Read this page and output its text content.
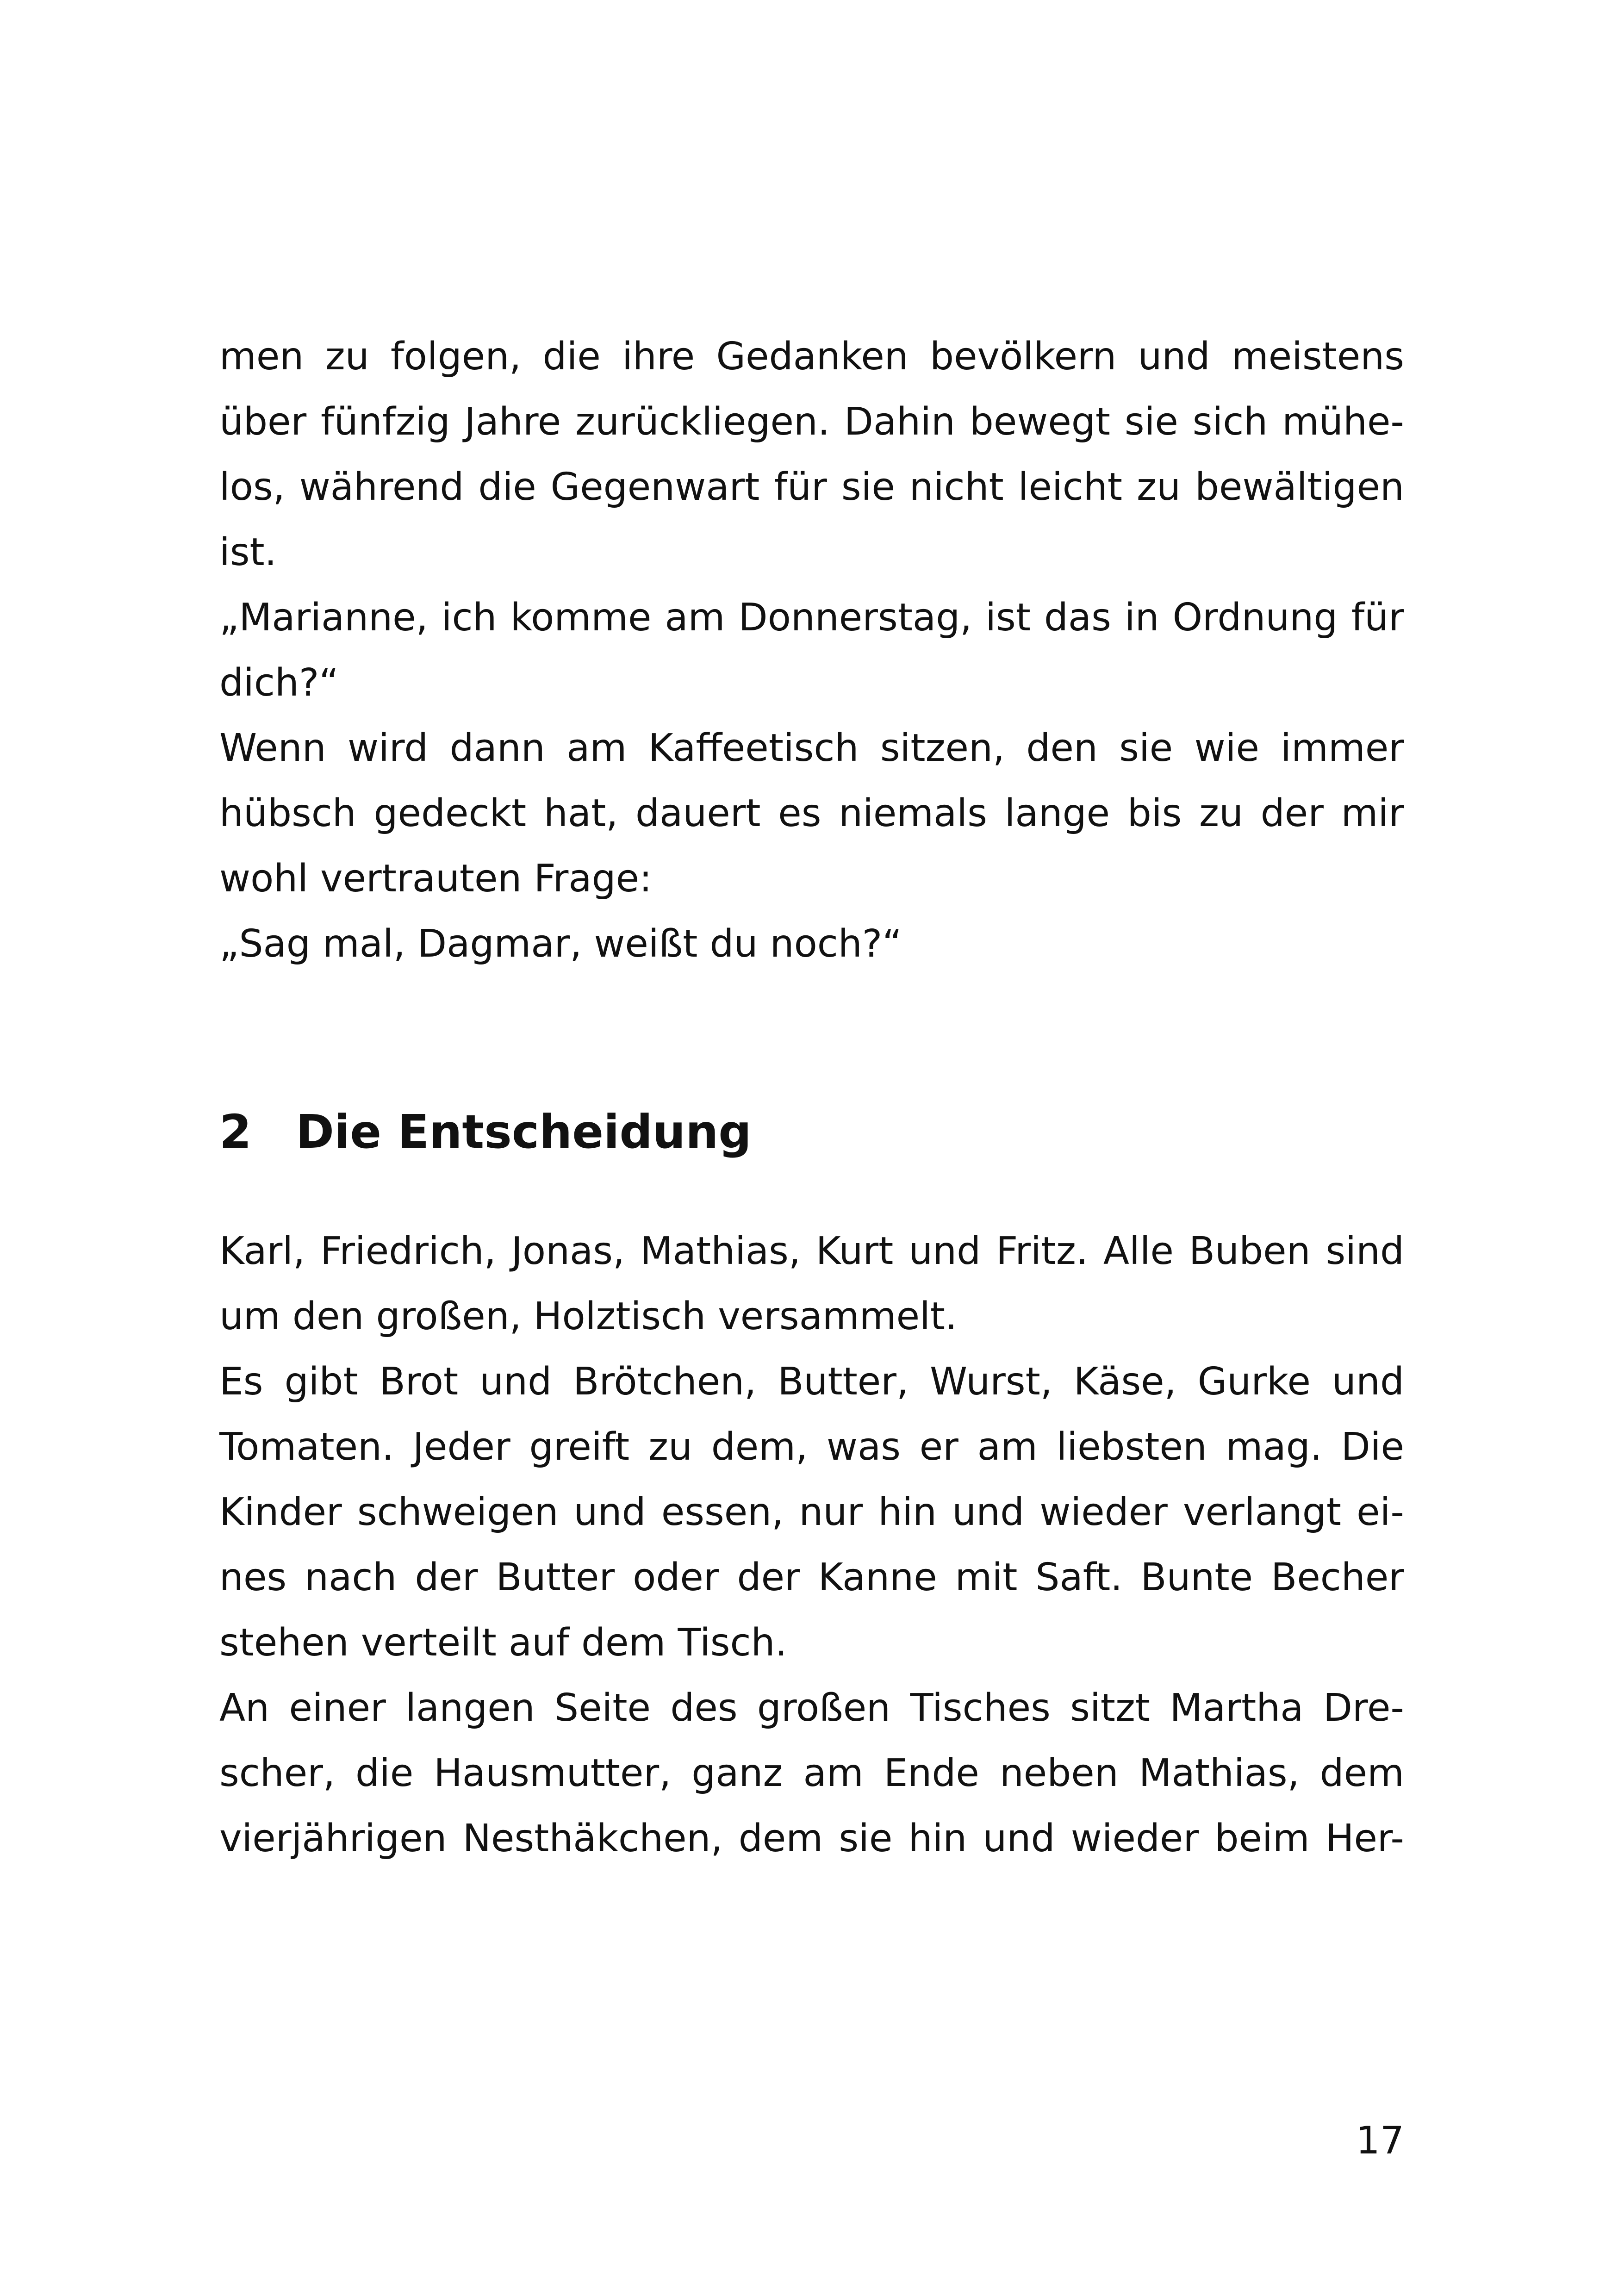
men zu folgen, die ihre Gedanken bevölkern und meistens
über fünfzig Jahre zurückliegen. Dahin bewegt sie sich mühe-
los, während die Gegenwart für sie nicht leicht zu bewältigen
ist.
„Marianne, ich komme am Donnerstag, ist das in Ordnung für
dich?“
Wenn wird dann am Kaffeetisch sitzen, den sie wie immer
hübsch gedeckt hat, dauert es niemals lange bis zu der mir
wohl vertrauten Frage:
„Sag mal, Dagmar, weißt du noch?“
2 Die Entscheidung
Karl, Friedrich, Jonas, Mathias, Kurt und Fritz. Alle Buben sind
um den großen, Holztisch versammelt.
Es gibt Brot und Brötchen, Butter, Wurst, Käse, Gurke und
Tomaten. Jeder greift zu dem, was er am liebsten mag. Die
Kinder schweigen und essen, nur hin und wieder verlangt ei-
nes nach der Butter oder der Kanne mit Saft. Bunte Becher
stehen verteilt auf dem Tisch.
An einer langen Seite des großen Tisches sitzt Martha Dre-
scher, die Hausmutter, ganz am Ende neben Mathias, dem
vierjährigen Nesthäkchen, dem sie hin und wieder beim Her-
17
